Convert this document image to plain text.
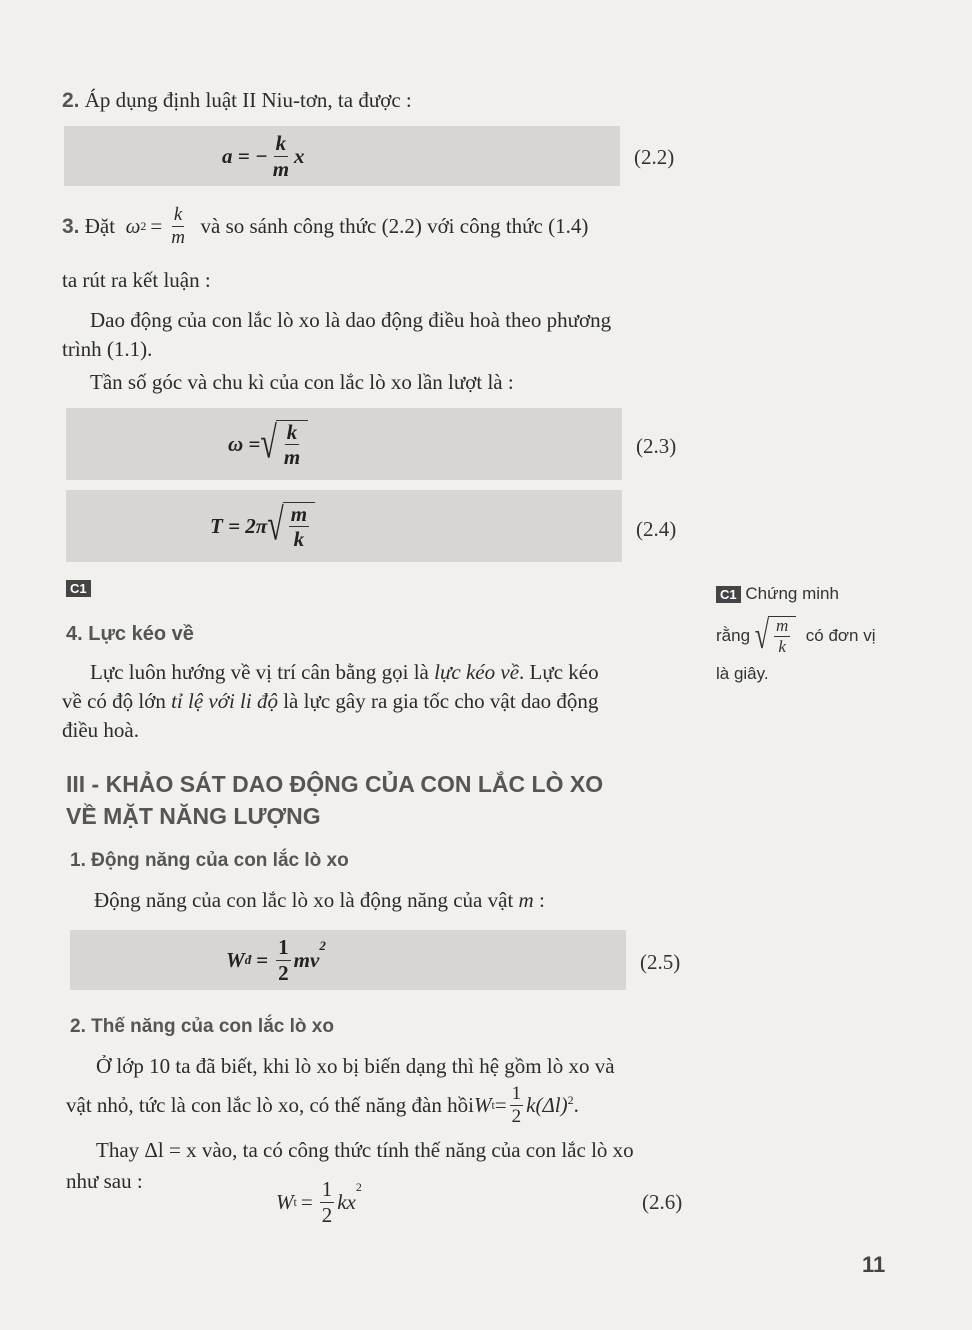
2. Áp dụng định luật II Niu-tơn, ta được :
a = − $\frac{k}{m}$ x	(2.2)
3.
Đặt
ω $2 = \frac{k}{m}$
và so sánh công thức (2.2) với công thức (1.4)
ta rút ra kết luận :
Dao động của con lắc lò xo là dao động điều hoà theo phương
trình (1.1).
Tần số góc và chu kì của con lắc lò xo lần lượt là :
ω = √ $\frac{k}{m}$	(2.3)
T = 2π √ $\frac{m}{k}$	(2.4)
C1
4. Lực kéo về
Lực luôn hướng về vị trí cân bằng gọi là lực kéo về. Lực kéo
về có độ lớn tỉ lệ với li độ là lực gây ra gia tốc cho vật dao động
điều hoà.
C1
Chứng minh
rằng
√ $\frac{m}{k}$
có đơn vị
là giây.
III - KHẢO SÁT DAO ĐỘNG CỦA CON LẮC LÒ XO
VỀ MẶT NĂNG LƯỢNG
1. Động năng của con lắc lò xo
Động năng của con lắc lò xo là động năng của vật m :
W đ = $\frac{1}{2}$ mv
$^2$
(2.5)
2. Thế năng của con lắc lò xo
Ở lớp 10 ta đã biết, khi lò xo bị biến dạng thì hệ gồm lò xo và
vật nhỏ, tức là con lắc lò xo, có thế năng đàn hồi W $t = \frac{1}{2} k(\Delta l)^2$ .
Thay Δl = x vào, ta có công thức tính thế năng của con lắc lò xo
như sau :
W $t = \frac{1}{2}$ kx
$^2$
(2.6)
11
